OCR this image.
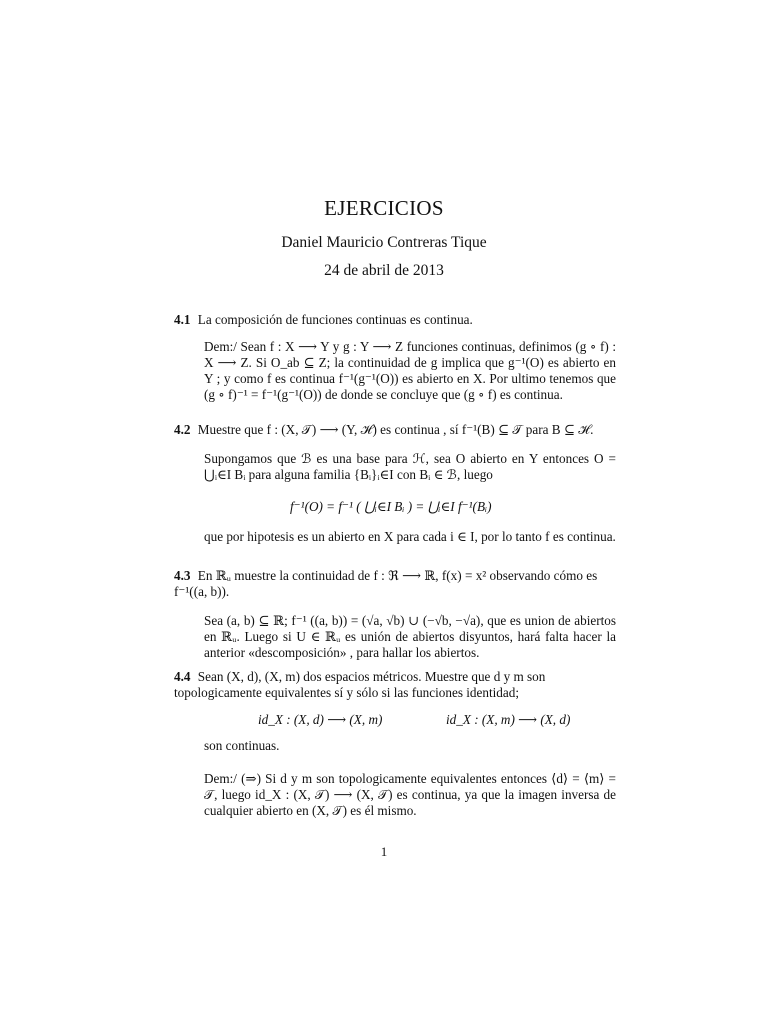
EJERCICIOS
Daniel Mauricio Contreras Tique
24 de abril de 2013
4.1 La composición de funciones continuas es continua.
Dem:/ Sean f : X ⟶ Y y g : Y ⟶ Z funciones continuas, definimos (g ∘ f) : X ⟶ Z. Si O_ab ⊆ Z; la continuidad de g implica que g⁻¹(O) es abierto en Y ; y como f es continua f⁻¹(g⁻¹(O)) es abierto en X. Por ultimo tenemos que (g ∘ f)⁻¹ = f⁻¹(g⁻¹(O)) de donde se concluye que (g ∘ f) es continua.
4.2 Muestre que f : (X, 𝒯) ⟶ (Y, ℋ) es continua , sí f⁻¹(B) ⊆ 𝒯 para B ⊆ ℋ.
Supongamos que ℬ es una base para ℋ, sea O abierto en Y entonces O = ⋃ᵢ∈I Bᵢ para alguna familia {Bᵢ}ᵢ∈I con Bᵢ ∈ ℬ, luego
f⁻¹(O) = f⁻¹ ( ⋃ᵢ∈I Bᵢ ) = ⋃ᵢ∈I f⁻¹(Bᵢ)
que por hipotesis es un abierto en X para cada i ∈ I, por lo tanto f es continua.
4.3 En ℝᵤ muestre la continuidad de f : ℜ ⟶ ℝ, f(x) = x² observando cómo es f⁻¹((a, b)).
Sea (a, b) ⊆ ℝ; f⁻¹ ((a, b)) = (√a, √b) ∪ (−√b, −√a), que es union de abiertos en ℝᵤ. Luego si U ∈ ℝᵤ es unión de abiertos disyuntos, hará falta hacer la anterior «descomposición» , para hallar los abiertos.
4.4 Sean (X, d), (X, m) dos espacios métricos. Muestre que d y m son topologicamente equivalentes sí y sólo si las funciones identidad;
id_X : (X, d) ⟶ (X, m)	id_X : (X, m) ⟶ (X, d)
son continuas.
Dem:/ (⇒) Si d y m son topologicamente equivalentes entonces ⟨d⟩ = ⟨m⟩ = 𝒯, luego id_X : (X, 𝒯) ⟶ (X, 𝒯) es continua, ya que la imagen inversa de cualquier abierto en (X, 𝒯) es él mismo.
1
